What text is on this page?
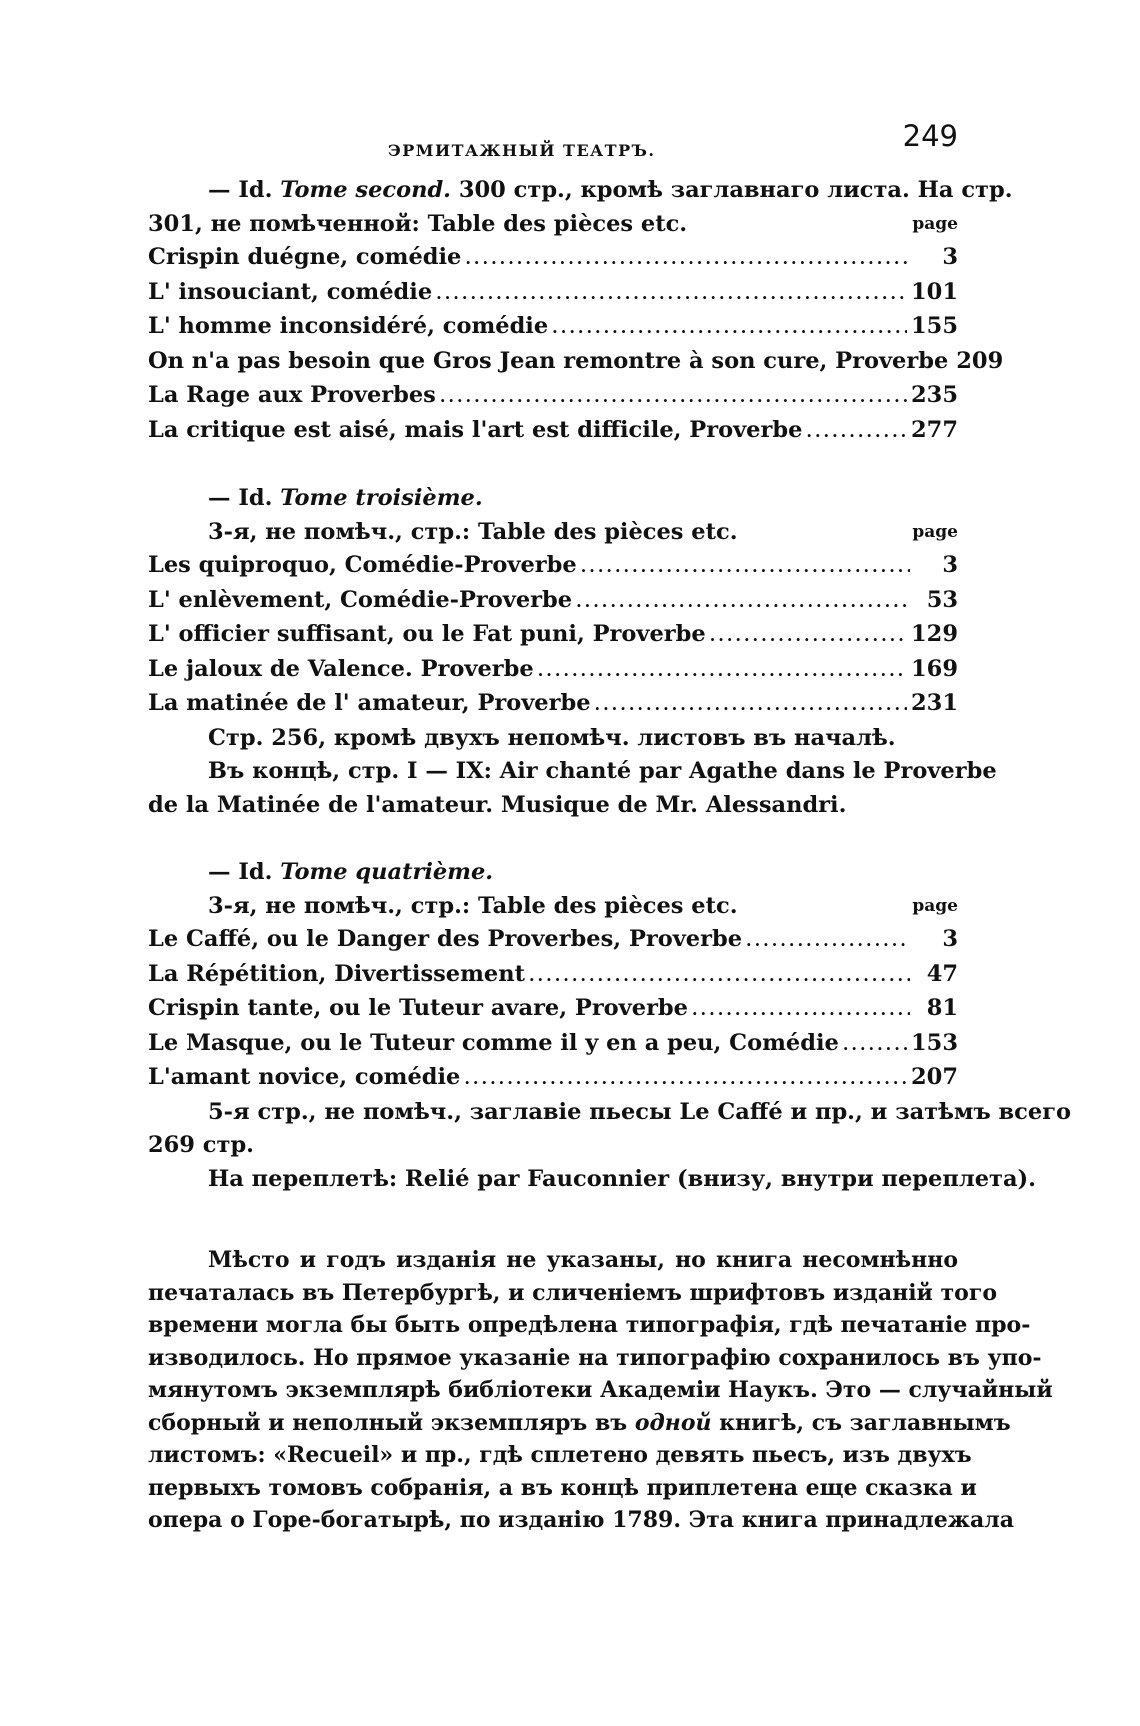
ЭРМИТАЖНЫЙ ТЕАТРЪ.	249
— Id. Tome second. 300 стр., кромѣ заглавнаго листа. На стр.
301, не помѣченной: Table des pièces etc.	page
Crispin duégne, comédie .....	3
L' insouciant, comédie .....	101
L' homme inconsidéré, comédie .....	155
On n'a pas besoin que Gros Jean remontre à son cure, Proverbe 209
La Rage aux Proverbes .....	235
La critique est aisé, mais l'art est difficile, Proverbe .....	277
— Id. Tome troisième.
3-я, не помѣч., стр.: Table des pièces etc.	page
Les quiproquo, Comédie-Proverbe .....	3
L' enlèvement, Comédie-Proverbe .....	53
L' officier suffisant, ou le Fat puni, Proverbe .....	129
Le jaloux de Valence. Proverbe .....	169
La matinée de l' amateur, Proverbe .....	231
Стр. 256, кромѣ двухъ непомѣч. листовъ въ началѣ.
Въ концѣ, стр. I — IX: Air chanté par Agathe dans le Proverbe
de la Matinée de l'amateur. Musique de Mr. Alessandri.
— Id. Tome quatrième.
3-я, не помѣч., стр.: Table des pièces etc.	page
Le Caffé, ou le Danger des Proverbes, Proverbe .....	3
La Répétition, Divertissement .....	47
Crispin tante, ou le Tuteur avare, Proverbe .....	81
Le Masque, ou le Tuteur comme il y en a peu, Comédie .....	153
L'amant novice, comédie .....	207
5-я стр., не помѣч., заглавіе пьесы Le Caffé и пр., и затѣмъ всего
269 стр.
На переплетѣ: Relié par Fauconnier (внизу, внутри переплета).
Мѣсто и годъ изданія не указаны, но книга несомнѣнно
печаталась въ Петербургѣ, и сличеніемъ шрифтовъ изданій того
времени могла бы быть опредѣлена типографія, гдѣ печатаніе про-
изводилось. Но прямое указаніе на типографію сохранилось въ упо-
мянутомъ экземплярѣ библіотеки Академіи Наукъ. Это — случайный
сборный и неполный экземпляръ въ одной книгѣ, съ заглавнымъ
листомъ: «Recueil» и пр., гдѣ сплетено девять пьесъ, изъ двухъ
первыхъ томовъ собранія, а въ концѣ приплетена еще сказка и
опера о Горе-богатырѣ, по изданію 1789. Эта книга принадлежала
